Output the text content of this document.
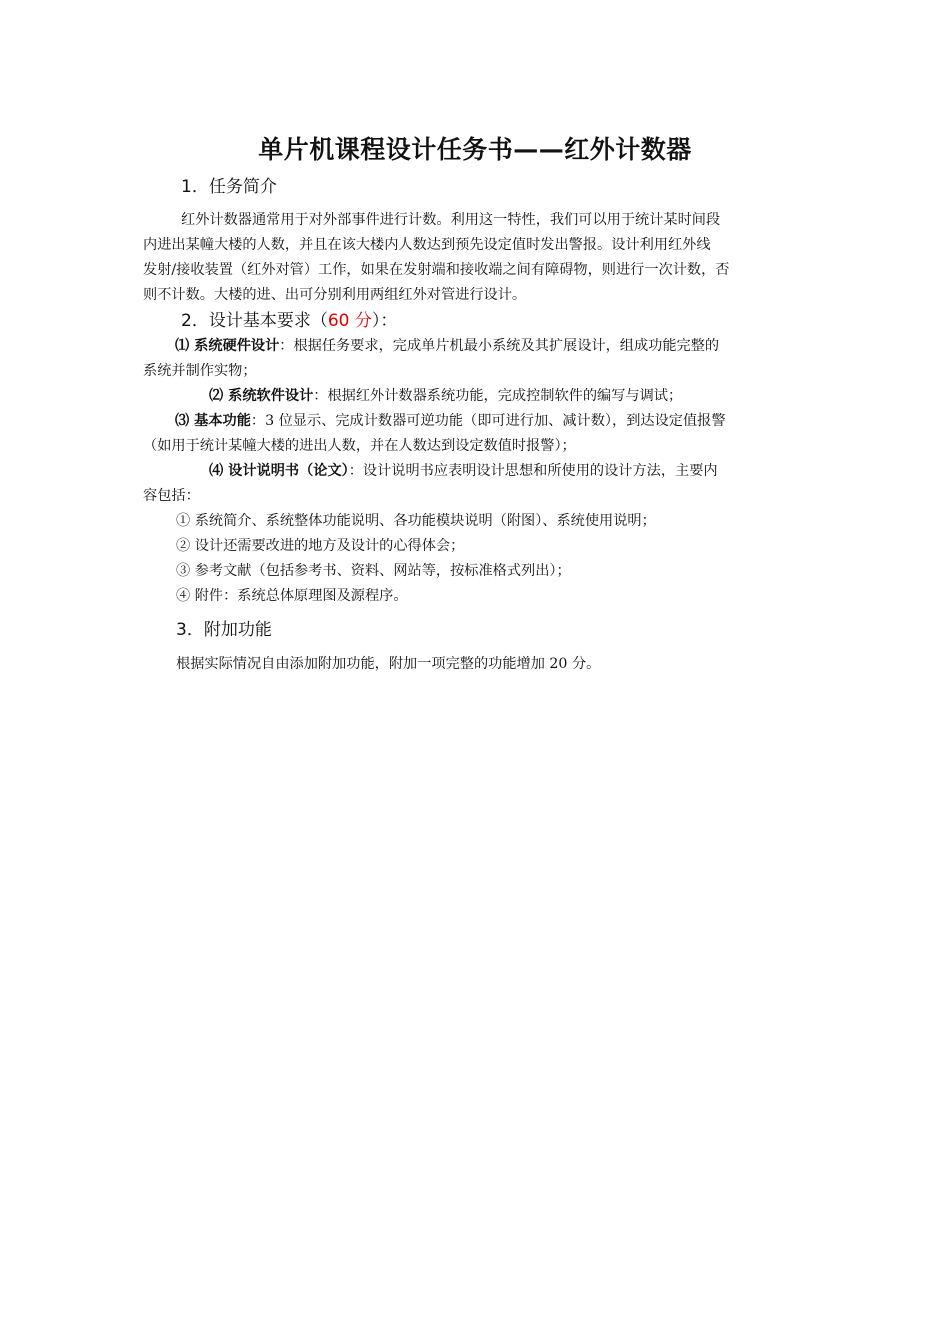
单片机课程设计任务书——红外计数器
1．任务简介
红外计数器通常用于对外部事件进行计数。利用这一特性，我们可以用于统计某时间段
内进出某幢大楼的人数，并且在该大楼内人数达到预先设定值时发出警报。设计利用红外线
发射/接收装置（红外对管）工作，如果在发射端和接收端之间有障碍物，则进行一次计数，否
则不计数。大楼的进、出可分别利用两组红外对管进行设计。
2．设计基本要求（60 分）：
⑴ 系统硬件设计：根据任务要求，完成单片机最小系统及其扩展设计，组成功能完整的
系统并制作实物；
⑵ 系统软件设计：根据红外计数器系统功能，完成控制软件的编写与调试；
⑶ 基本功能：3 位显示、完成计数器可逆功能（即可进行加、减计数），到达设定值报警
（如用于统计某幢大楼的进出人数，并在人数达到设定数值时报警）；
⑷ 设计说明书（论文）：设计说明书应表明设计思想和所使用的设计方法，主要内
容包括：
① 系统简介、系统整体功能说明、各功能模块说明（附图）、系统使用说明；
② 设计还需要改进的地方及设计的心得体会；
③ 参考文献（包括参考书、资料、网站等，按标准格式列出）；
④ 附件：系统总体原理图及源程序。
3．附加功能
根据实际情况自由添加附加功能，附加一项完整的功能增加 20 分。
